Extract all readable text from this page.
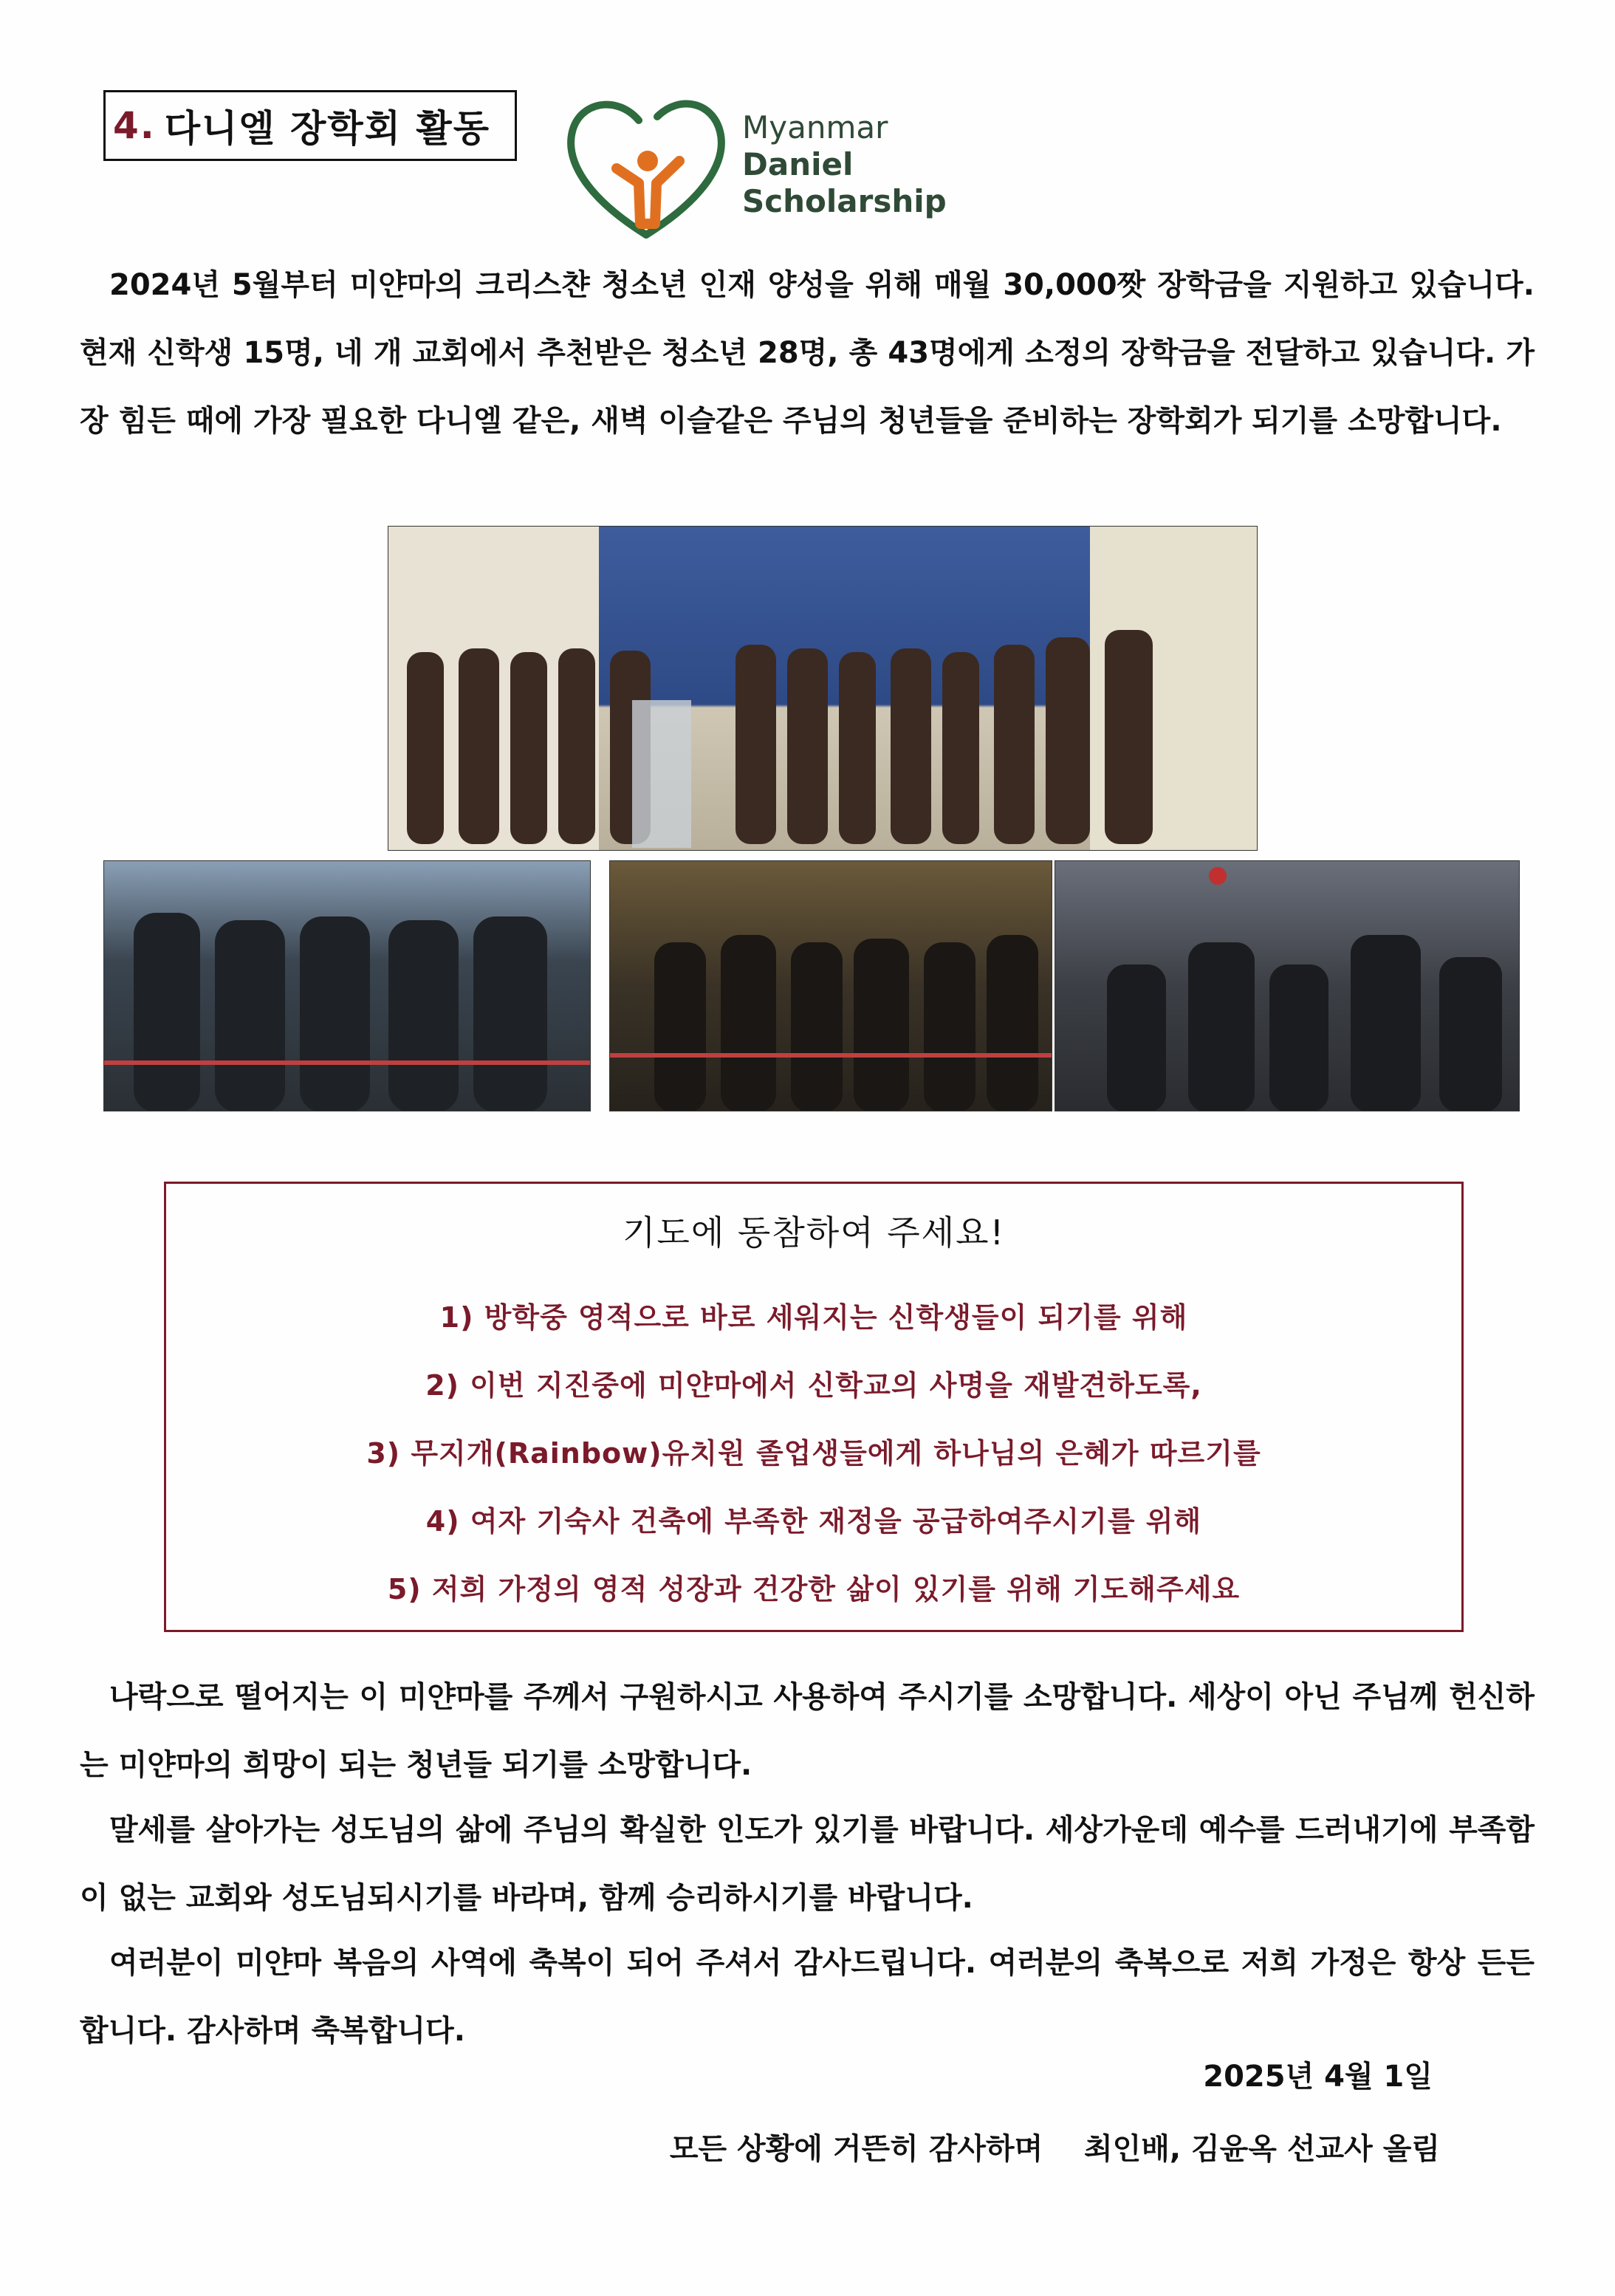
4. 다니엘 장학회 활동	Myanmar
Daniel
Scholarship

2024년 5월부터 미얀마의 크리스챤 청소년 인재 양성을 위해 매월 30,000짯 장학금을 지원하고 있습니다. 현재 신학생 15명, 네 개 교회에서 추천받은 청소년 28명, 총 43명에게 소정의 장학금을 전달하고 있습니다. 가장 힘든 때에 가장 필요한 다니엘 같은, 새벽 이슬같은 주님의 청년들을 준비하는 장학회가 되기를 소망합니다.

기도에 동참하여 주세요!
1) 방학중 영적으로 바로 세워지는 신학생들이 되기를 위해
2) 이번 지진중에 미얀마에서 신학교의 사명을 재발견하도록,
3) 무지개(Rainbow)유치원 졸업생들에게 하나님의 은혜가 따르기를
4) 여자 기숙사 건축에 부족한 재정을 공급하여주시기를 위해
5) 저희 가정의 영적 성장과 건강한 삶이 있기를 위해 기도해주세요

나락으로 떨어지는 이 미얀마를 주께서 구원하시고 사용하여 주시기를 소망합니다. 세상이 아닌 주님께 헌신하는 미얀마의 희망이 되는 청년들 되기를 소망합니다.

말세를 살아가는 성도님의 삶에 주님의 확실한 인도가 있기를 바랍니다. 세상가운데 예수를 드러내기에 부족함이 없는 교회와 성도님되시기를 바라며, 함께 승리하시기를 바랍니다.

여러분이 미얀마 복음의 사역에 축복이 되어 주셔서 감사드립니다. 여러분의 축복으로 저희 가정은 항상 든든합니다. 감사하며 축복합니다.

2025년 4월 1일
모든 상황에 거뜬히 감사하며    최인배, 김윤옥 선교사 올림
